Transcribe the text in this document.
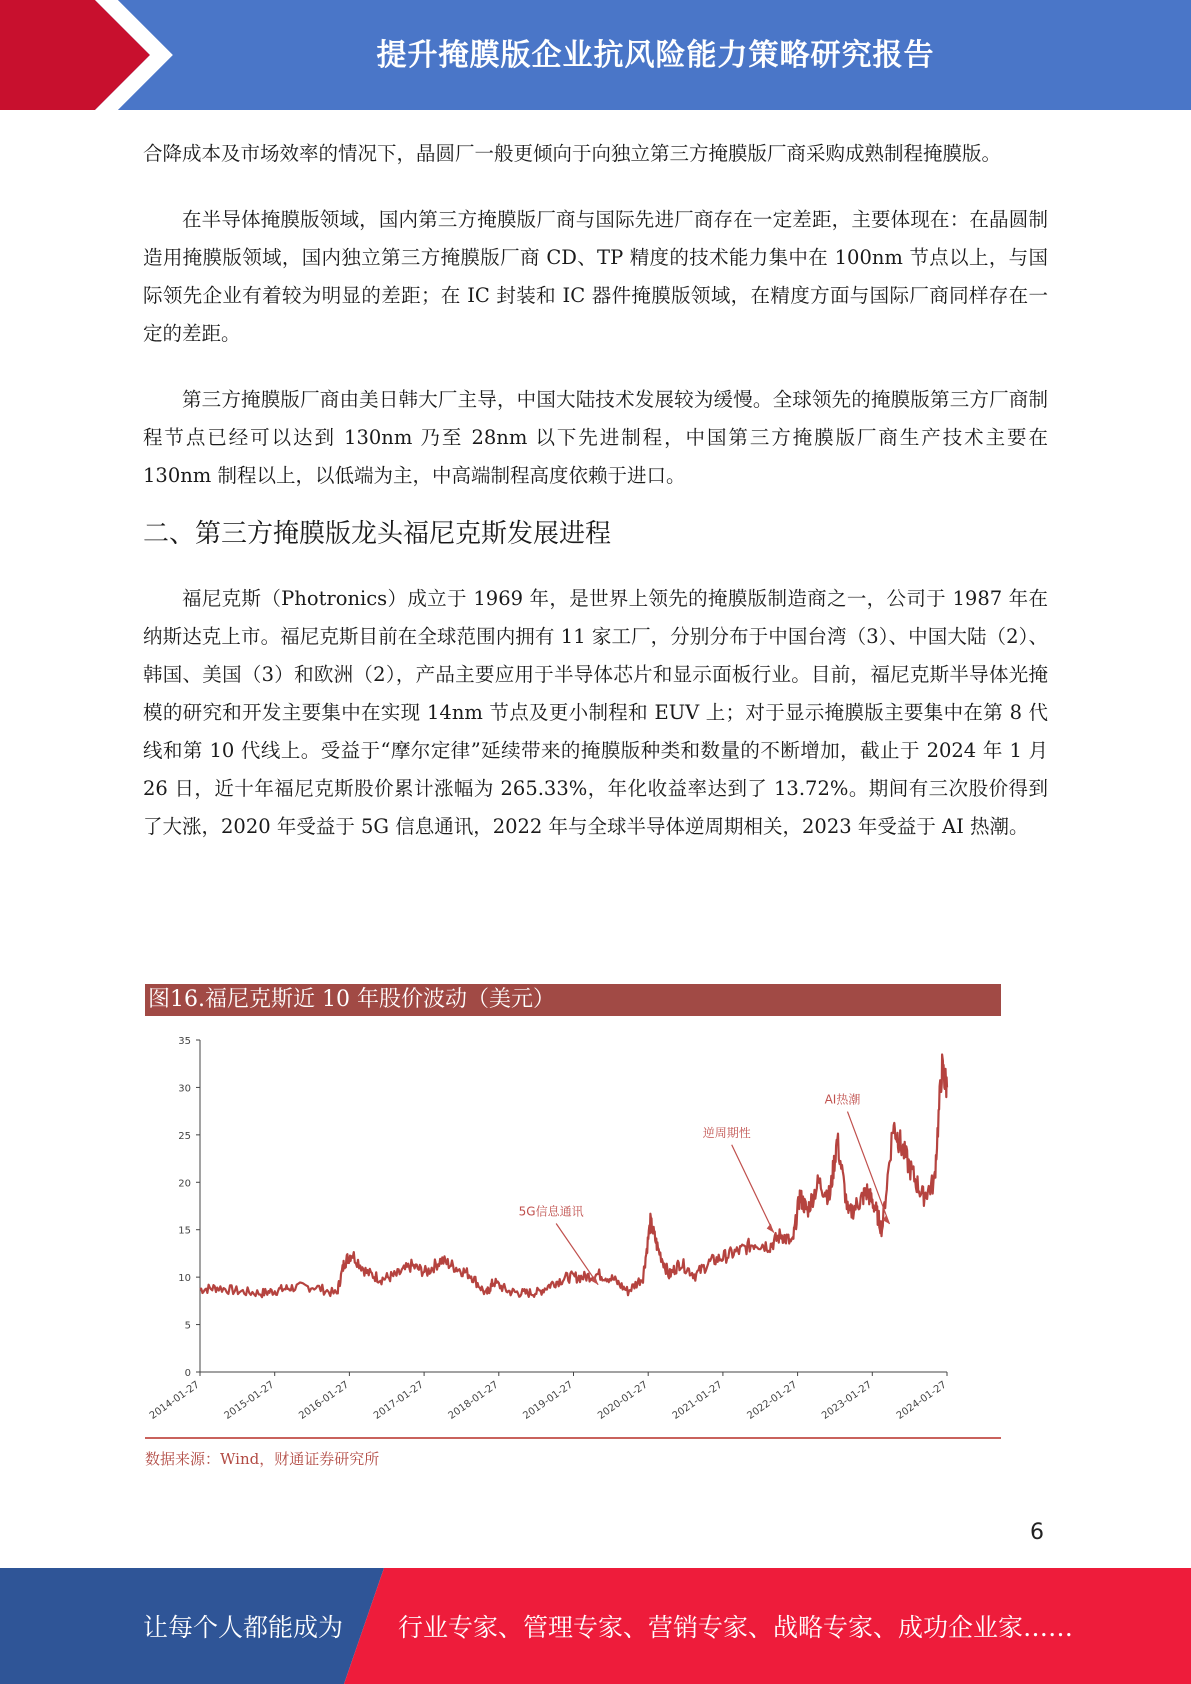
提升掩膜版企业抗风险能力策略研究报告

合降成本及市场效率的情况下，晶圆厂一般更倾向于向独立第三方掩膜版厂商采购成熟制程掩膜版。

在半导体掩膜版领域，国内第三方掩膜版厂商与国际先进厂商存在一定差距，主要体现在：在晶圆制造用掩膜版领域，国内独立第三方掩膜版厂商 CD、TP 精度的技术能力集中在 100nm 节点以上，与国际领先企业有着较为明显的差距；在 IC 封装和 IC 器件掩膜版领域，在精度方面与国际厂商同样存在一定的差距。

第三方掩膜版厂商由美日韩大厂主导，中国大陆技术发展较为缓慢。全球领先的掩膜版第三方厂商制程节点已经可以达到 130nm 乃至 28nm 以下先进制程，中国第三方掩膜版厂商生产技术主要在 130nm 制程以上，以低端为主，中高端制程高度依赖于进口。

二、第三方掩膜版龙头福尼克斯发展进程

福尼克斯（Photronics）成立于 1969 年，是世界上领先的掩膜版制造商之一，公司于 1987 年在纳斯达克上市。福尼克斯目前在全球范围内拥有 11 家工厂，分别分布于中国台湾（3）、中国大陆（2）、韩国、美国（3）和欧洲（2），产品主要应用于半导体芯片和显示面板行业。目前，福尼克斯半导体光掩模的研究和开发主要集中在实现 14nm 节点及更小制程和 EUV 上；对于显示掩膜版主要集中在第 8 代线和第 10 代线上。受益于“摩尔定律”延续带来的掩膜版种类和数量的不断增加，截止于 2024 年 1 月 26 日，近十年福尼克斯股价累计涨幅为 265.33%，年化收益率达到了 13.72%。期间有三次股价得到了大涨，2020 年受益于 5G 信息通讯，2022 年与全球半导体逆周期相关，2023 年受益于 AI 热潮。

图16.福尼克斯近 10 年股价波动（美元）
0
5
10
15
20
25
30
35
2014-01-27 2015-01-27 2016-01-27 2017-01-27 2018-01-27 2019-01-27 2020-01-27 2021-01-27 2022-01-27 2023-01-27 2024-01-27
5G信息通讯
逆周期性
AI热潮
数据来源：Wind，财通证券研究所
6
让每个人都能成为 行业专家、管理专家、营销专家、战略专家、成功企业家……
